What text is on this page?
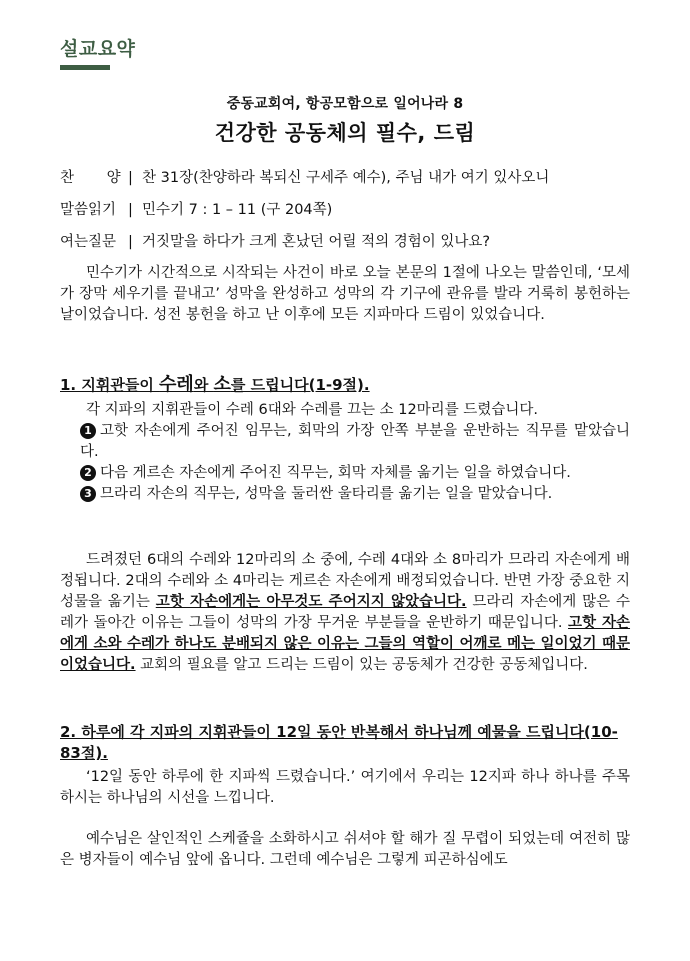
설교요약
중동교회여, 항공모함으로 일어나라 8
건강한 공동체의 필수, 드림
찬 양 | 찬 31장(찬양하라 복되신 구세주 예수), 주님 내가 여기 있사오니
말씀읽기 | 민수기 7 : 1 – 11 (구 204쪽)
여는질문 | 거짓말을 하다가 크게 혼났던 어릴 적의 경험이 있나요?

민수기가 시간적으로 시작되는 사건이 바로 오늘 본문의 1절에 나오는 말씀인데, ‘모세가 장막 세우기를 끝내고’ 성막을 완성하고 성막의 각 기구에 관유를 발라 거룩히 봉헌하는 날이었습니다. 성전 봉헌을 하고 난 이후에 모든 지파마다 드림이 있었습니다.

1. 지휘관들이 수레와 소를 드립니다(1-9절).

각 지파의 지휘관들이 수레 6대와 수레를 끄는 소 12마리를 드렸습니다.

1 고핫 자손에게 주어진 임무는, 회막의 가장 안쪽 부분을 운반하는 직무를 맡았습니다.

2 다음 게르손 자손에게 주어진 직무는, 회막 자체를 옮기는 일을 하였습니다.

3 므라리 자손의 직무는, 성막을 둘러싼 울타리를 옮기는 일을 맡았습니다.

드려졌던 6대의 수레와 12마리의 소 중에, 수레 4대와 소 8마리가 므라리 자손에게 배정됩니다. 2대의 수레와 소 4마리는 게르손 자손에게 배정되었습니다. 반면 가장 중요한 지성물을 옮기는 고핫 자손에게는 아무것도 주어지지 않았습니다. 므라리 자손에게 많은 수레가 돌아간 이유는 그들이 성막의 가장 무거운 부분들을 운반하기 때문입니다. 고핫 자손에게 소와 수레가 하나도 분배되지 않은 이유는 그들의 역할이 어깨로 메는 일이었기 때문이었습니다. 교회의 필요를 알고 드리는 드림이 있는 공동체가 건강한 공동체입니다.

2. 하루에 각 지파의 지휘관들이 12일 동안 반복해서 하나님께 예물을 드립니다(10-83절).

‘12일 동안 하루에 한 지파씩 드렸습니다.’ 여기에서 우리는 12지파 하나 하나를 주목하시는 하나님의 시선을 느낍니다.

예수님은 살인적인 스케쥴을 소화하시고 쉬셔야 할 해가 질 무렵이 되었는데 여전히 많은 병자들이 예수님 앞에 옵니다. 그런데 예수님은 그렇게 피곤하심에도
